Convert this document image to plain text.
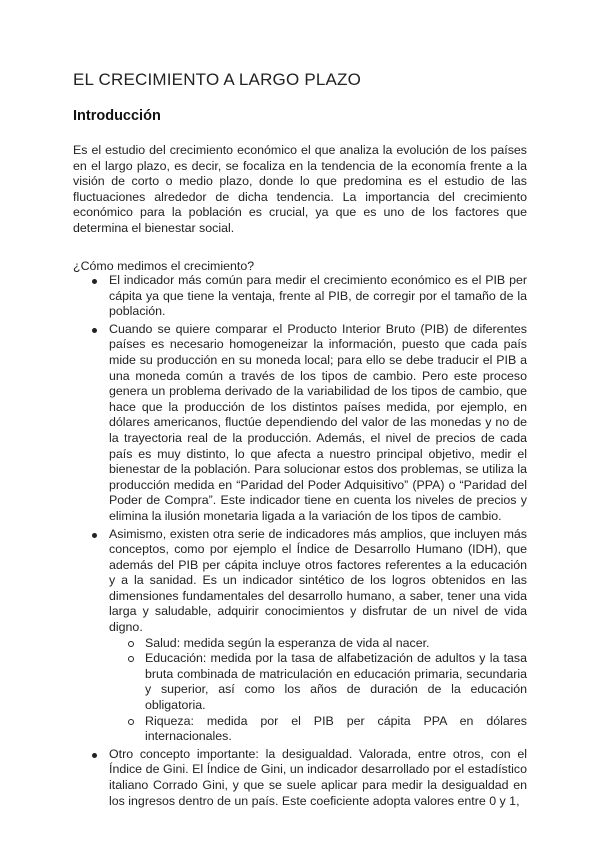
EL CRECIMIENTO A LARGO PLAZO
Introducción

Es el estudio del crecimiento económico el que analiza la evolución de los países en el largo plazo, es decir, se focaliza en la tendencia de la economía frente a la visión de corto o medio plazo, donde lo que predomina es el estudio de las fluctuaciones alrededor de dicha tendencia. La importancia del crecimiento económico para la población es crucial, ya que es uno de los factores que determina el bienestar social.

¿Cómo medimos el crecimiento?
El indicador más común para medir el crecimiento económico es el PIB per cápita ya que tiene la ventaja, frente al PIB, de corregir por el tamaño de la población.
Cuando se quiere comparar el Producto Interior Bruto (PIB) de diferentes países es necesario homogeneizar la información, puesto que cada país mide su producción en su moneda local; para ello se debe traducir el PIB a una moneda común a través de los tipos de cambio. Pero este proceso genera un problema derivado de la variabilidad de los tipos de cambio, que hace que la producción de los distintos países medida, por ejemplo, en dólares americanos, fluctúe dependiendo del valor de las monedas y no de la trayectoria real de la producción. Además, el nivel de precios de cada país es muy distinto, lo que afecta a nuestro principal objetivo, medir el bienestar de la población. Para solucionar estos dos problemas, se utiliza la producción medida en “Paridad del Poder Adquisitivo” (PPA) o “Paridad del Poder de Compra”. Este indicador tiene en cuenta los niveles de precios y elimina la ilusión monetaria ligada a la variación de los tipos de cambio.
Asimismo, existen otra serie de indicadores más amplios, que incluyen más conceptos, como por ejemplo el Índice de Desarrollo Humano (IDH), que además del PIB per cápita incluye otros factores referentes a la educación y a la sanidad. Es un indicador sintético de los logros obtenidos en las dimensiones fundamentales del desarrollo humano, a saber, tener una vida larga y saludable, adquirir conocimientos y disfrutar de un nivel de vida digno.
Salud: medida según la esperanza de vida al nacer.
Educación: medida por la tasa de alfabetización de adultos y la tasa bruta combinada de matriculación en educación primaria, secundaria y superior, así como los años de duración de la educación obligatoria.
Riqueza: medida por el PIB per cápita PPA en dólares internacionales.
Otro concepto importante: la desigualdad. Valorada, entre otros, con el Índice de Gini. El Índice de Gini, un indicador desarrollado por el estadístico italiano Corrado Gini, y que se suele aplicar para medir la desigualdad en los ingresos dentro de un país. Este coeficiente adopta valores entre 0 y 1,
